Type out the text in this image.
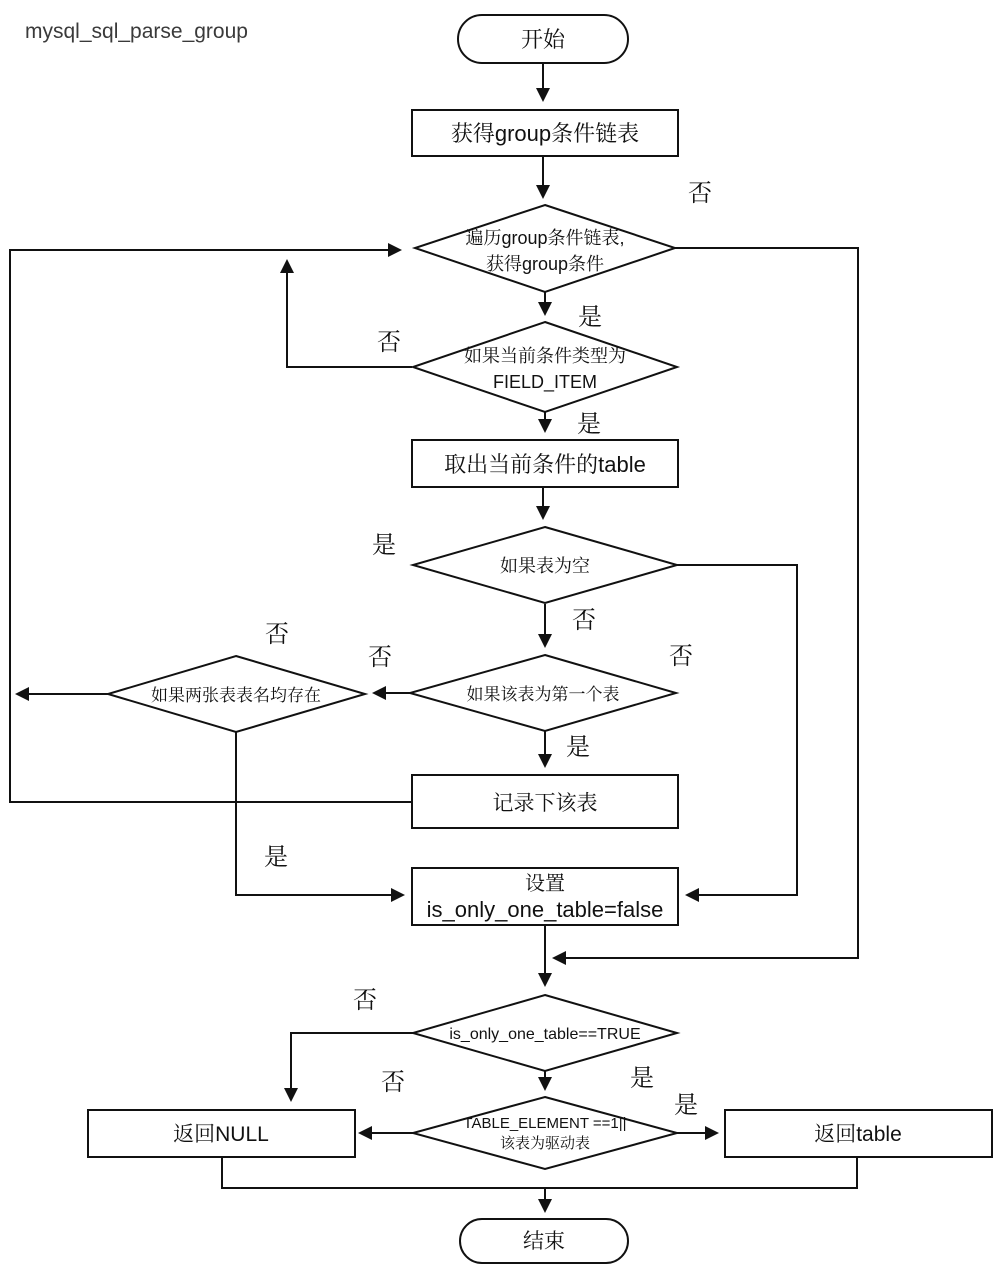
开始
获得group条件链表
遍历group条件链表,
获得group条件
如果当前条件类型为
FIELD_ITEM
取出当前条件的table
如果表为空
如果该表为第一个表
如果两张表表名均存在
记录下该表
设置
is_only_one_table=false
is_only_one_table==TRUE
TABLE_ELEMENT ==1||
该表为驱动表
返回NULL	返回table
结束
否
是
否
是
是
否
否
否	否
是
是
否
否	是
是
mysql_sql_parse_group
